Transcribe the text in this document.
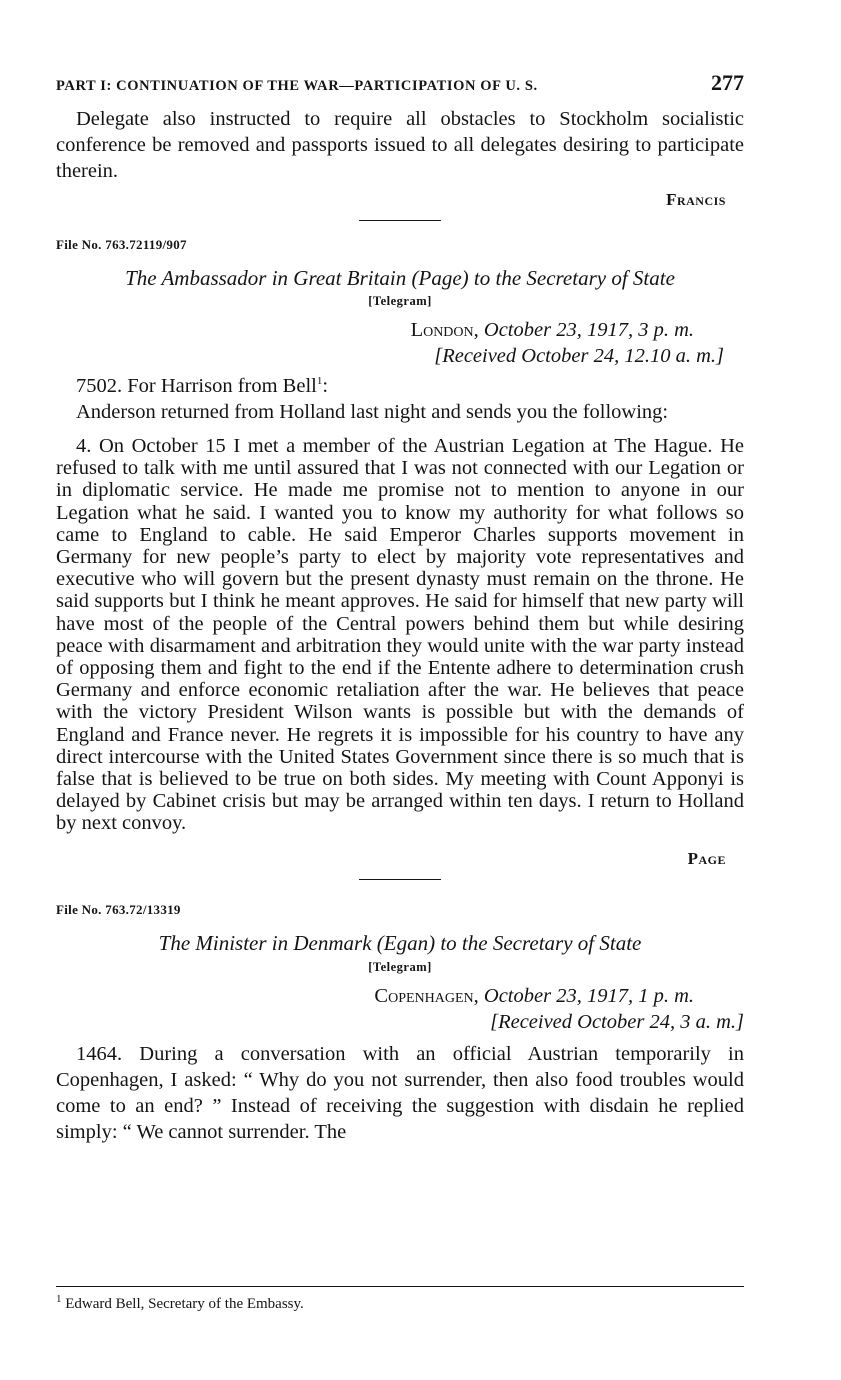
PART I: CONTINUATION OF THE WAR—PARTICIPATION OF U. S.	277

Delegate also instructed to require all obstacles to Stockholm socialistic conference be removed and passports issued to all delegates desiring to participate therein.

Francis
File No. 763.72119/907
The Ambassador in Great Britain (Page) to the Secretary of State
[Telegram]
London, October 23, 1917, 3 p. m.
[Received October 24, 12.10 a. m.]

7502. For Harrison from Bell$^1$:

Anderson returned from Holland last night and sends you the following:

4. On October 15 I met a member of the Austrian Legation at The Hague. He refused to talk with me until assured that I was not connected with our Legation or in diplomatic service. He made me promise not to mention to anyone in our Legation what he said. I wanted you to know my authority for what follows so came to England to cable. He said Emperor Charles supports movement in Germany for new people’s party to elect by majority vote representatives and executive who will govern but the present dynasty must remain on the throne. He said supports but I think he meant approves. He said for himself that new party will have most of the people of the Central powers behind them but while desiring peace with disarmament and arbitration they would unite with the war party instead of opposing them and fight to the end if the Entente adhere to determination crush Germany and enforce economic retaliation after the war. He believes that peace with the victory President Wilson wants is possible but with the demands of England and France never. He regrets it is impossible for his country to have any direct intercourse with the United States Government since there is so much that is false that is believed to be true on both sides. My meeting with Count Apponyi is delayed by Cabinet crisis but may be arranged within ten days. I return to Holland by next convoy.

Page
File No. 763.72/13319
The Minister in Denmark (Egan) to the Secretary of State
[Telegram]
Copenhagen, October 23, 1917, 1 p. m.
[Received October 24, 3 a. m.]

1464. During a conversation with an official Austrian temporarily in Copenhagen, I asked: “ Why do you not surrender, then also food troubles would come to an end? ” Instead of receiving the suggestion with disdain he replied simply: “ We cannot surrender. The

$^1$ Edward Bell, Secretary of the Embassy.
